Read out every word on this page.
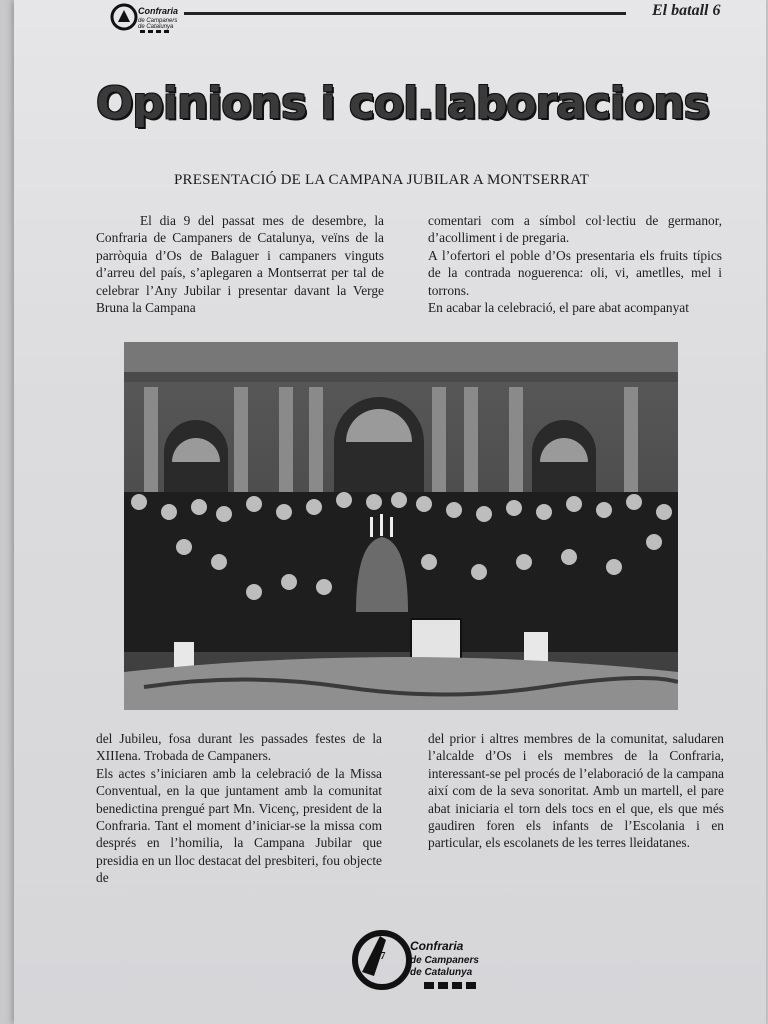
Confraria
de Campaners
de Catalunya
El batall 6
Opinions i col.laboracions
PRESENTACIÓ DE LA CAMPANA JUBILAR A MONTSERRAT

El dia 9 del passat mes de desembre, la Confraria de Campaners de Catalunya, veïns de la parròquia d’Os de Balaguer i campaners vinguts d’arreu del país, s’aplegaren a Montserrat per tal de celebrar l’Any Jubilar i presentar davant la Verge Bruna la Campana

comentari com a símbol col·lectiu de germanor, d’acolliment i de pregaria.

A l’ofertori el poble d’Os presentaria els fruits típics de la contrada noguerenca: oli, vi, ametlles, mel i torrons.

En acabar la celebració, el pare abat acompanyat

del Jubileu, fosa durant les passades festes de la XIIIena. Trobada de Campaners.

Els actes s’iniciaren amb la celebració de la Missa Conventual, en la que juntament amb la comunitat benedictina prengué part Mn. Vicenç, president de la Confraria. Tant el moment d’iniciar-se la missa com després en l’homilia, la Campana Jubilar que presidia en un lloc destacat del presbiteri, fou objecte de

del prior i altres membres de la comunitat, saludaren l’alcalde d’Os i els membres de la Confraria, interessant-se pel procés de l’elaboració de la campana així com de la seva sonoritat. Amb un martell, el pare abat iniciaria el torn dels tocs en el que, els que més gaudiren foren els infants de l’Escolania i en particular, els escolanets de les terres lleidatanes.

Confraria
de Campaners
de Catalunya
7
